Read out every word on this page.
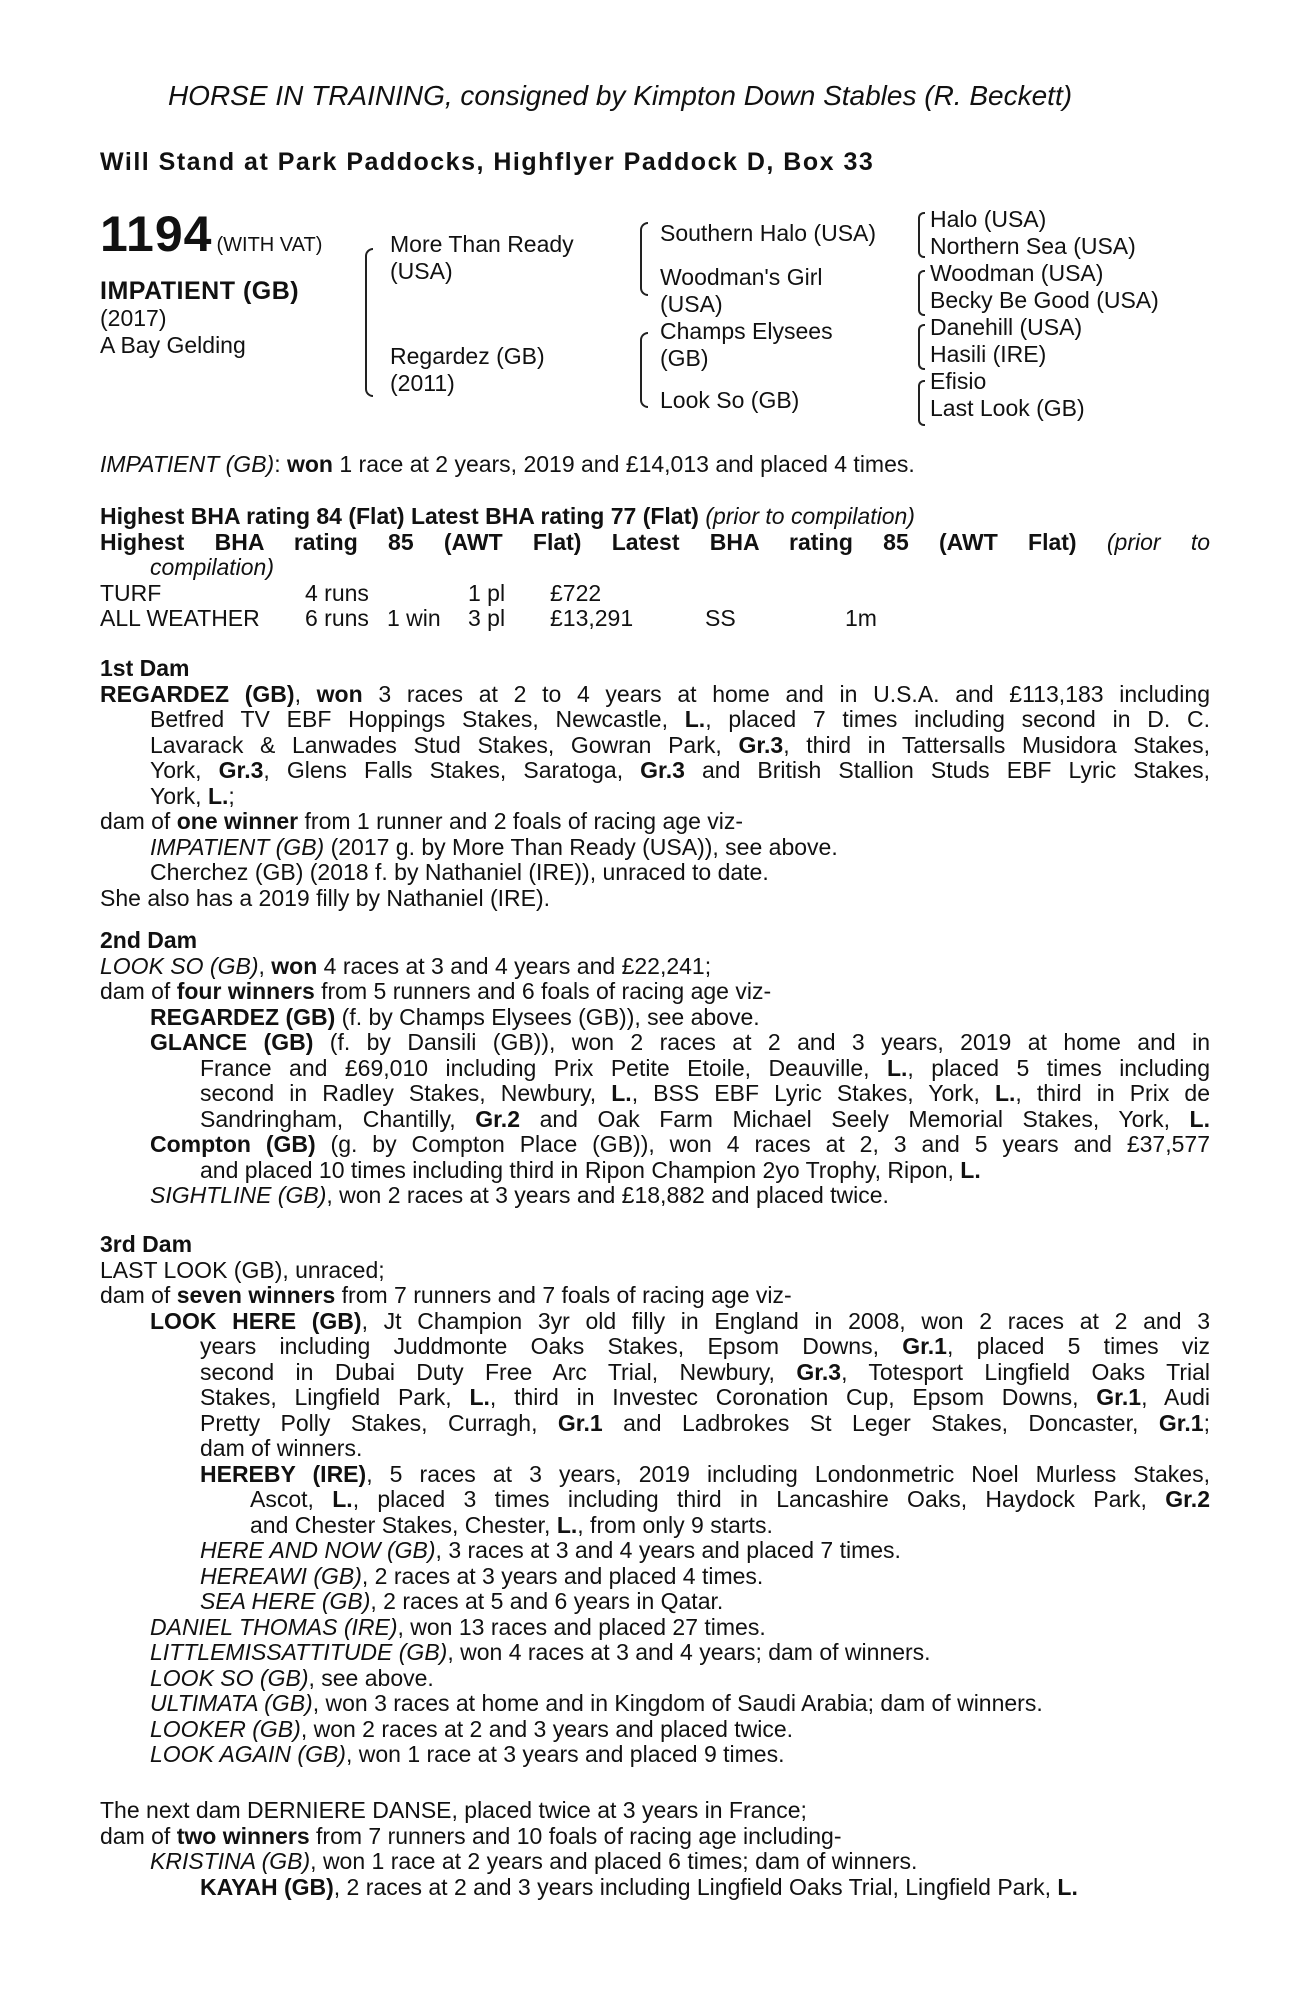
HORSE IN TRAINING, consigned by Kimpton Down Stables (R. Beckett)
Will Stand at Park Paddocks, Highflyer Paddock D, Box 33
1194 (WITH VAT)
IMPATIENT (GB)
(2017)
A Bay Gelding
More Than Ready
(USA)
Regardez (GB)
(2011)
Southern Halo (USA)
Woodman's Girl
(USA)
Champs Elysees
(GB)
Look So (GB)
Halo (USA)
Northern Sea (USA)
Woodman (USA)
Becky Be Good (USA)
Danehill (USA)
Hasili (IRE)
Efisio
Last Look (GB)
IMPATIENT (GB): won 1 race at 2 years, 2019 and £14,013 and placed 4 times.
Highest BHA rating 84 (Flat) Latest BHA rating 77 (Flat) (prior to compilation)
Highest BHA rating 85 (AWT Flat) Latest BHA rating 85 (AWT Flat) (prior to
compilation)
TURF	4 runs	1 pl £722
ALL WEATHER 6 runs 1 win 3 pl £13,291	SS	1m
1st Dam
REGARDEZ (GB), won 3 races at 2 to 4 years at home and in U.S.A. and £113,183 including
Betfred TV EBF Hoppings Stakes, Newcastle, L., placed 7 times including second in D. C.
Lavarack & Lanwades Stud Stakes, Gowran Park, Gr.3, third in Tattersalls Musidora Stakes,
York, Gr.3, Glens Falls Stakes, Saratoga, Gr.3 and British Stallion Studs EBF Lyric Stakes,
York, L.;
dam of one winner from 1 runner and 2 foals of racing age viz-
IMPATIENT (GB) (2017 g. by More Than Ready (USA)), see above.
Cherchez (GB) (2018 f. by Nathaniel (IRE)), unraced to date.
She also has a 2019 filly by Nathaniel (IRE).
2nd Dam
LOOK SO (GB), won 4 races at 3 and 4 years and £22,241;
dam of four winners from 5 runners and 6 foals of racing age viz-
REGARDEZ (GB) (f. by Champs Elysees (GB)), see above.
GLANCE (GB) (f. by Dansili (GB)), won 2 races at 2 and 3 years, 2019 at home and in
France and £69,010 including Prix Petite Etoile, Deauville, L., placed 5 times including
second in Radley Stakes, Newbury, L., BSS EBF Lyric Stakes, York, L., third in Prix de
Sandringham, Chantilly, Gr.2 and Oak Farm Michael Seely Memorial Stakes, York, L.
Compton (GB) (g. by Compton Place (GB)), won 4 races at 2, 3 and 5 years and £37,577
and placed 10 times including third in Ripon Champion 2yo Trophy, Ripon, L.
SIGHTLINE (GB), won 2 races at 3 years and £18,882 and placed twice.
3rd Dam
LAST LOOK (GB), unraced;
dam of seven winners from 7 runners and 7 foals of racing age viz-
LOOK HERE (GB), Jt Champion 3yr old filly in England in 2008, won 2 races at 2 and 3
years including Juddmonte Oaks Stakes, Epsom Downs, Gr.1, placed 5 times viz
second in Dubai Duty Free Arc Trial, Newbury, Gr.3, Totesport Lingfield Oaks Trial
Stakes, Lingfield Park, L., third in Investec Coronation Cup, Epsom Downs, Gr.1, Audi
Pretty Polly Stakes, Curragh, Gr.1 and Ladbrokes St Leger Stakes, Doncaster, Gr.1;
dam of winners.
HEREBY (IRE), 5 races at 3 years, 2019 including Londonmetric Noel Murless Stakes,
Ascot, L., placed 3 times including third in Lancashire Oaks, Haydock Park, Gr.2
and Chester Stakes, Chester, L., from only 9 starts.
HERE AND NOW (GB), 3 races at 3 and 4 years and placed 7 times.
HEREAWI (GB), 2 races at 3 years and placed 4 times.
SEA HERE (GB), 2 races at 5 and 6 years in Qatar.
DANIEL THOMAS (IRE), won 13 races and placed 27 times.
LITTLEMISSATTITUDE (GB), won 4 races at 3 and 4 years; dam of winners.
LOOK SO (GB), see above.
ULTIMATA (GB), won 3 races at home and in Kingdom of Saudi Arabia; dam of winners.
LOOKER (GB), won 2 races at 2 and 3 years and placed twice.
LOOK AGAIN (GB), won 1 race at 3 years and placed 9 times.
The next dam DERNIERE DANSE, placed twice at 3 years in France;
dam of two winners from 7 runners and 10 foals of racing age including-
KRISTINA (GB), won 1 race at 2 years and placed 6 times; dam of winners.
KAYAH (GB), 2 races at 2 and 3 years including Lingfield Oaks Trial, Lingfield Park, L.
